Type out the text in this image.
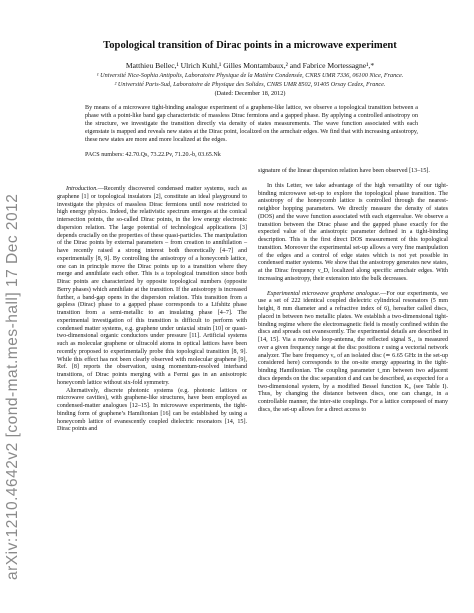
arXiv:1210.4642v2 [cond-mat.mes-hall] 17 Dec 2012
Topological transition of Dirac points in a microwave experiment
Matthieu Bellec,¹ Ulrich Kuhl,¹ Gilles Montambaux,² and Fabrice Mortessagne¹,*
¹ Université Nice-Sophia Antipolis, Laboratoire Physique de la Matière Condensée, CNRS UMR 7336, 06100 Nice, France.
² Université Paris-Sud, Laboratoire de Physique des Solides, CNRS UMR 8502, 91405 Orsay Cedex, France.
(Dated: December 18, 2012)
By means of a microwave tight-binding analogue experiment of a graphene-like lattice, we observe a topological transition between a phase with a point-like band gap characteristic of massless Dirac fermions and a gapped phase. By applying a controlled anisotropy on the structure, we investigate the transition directly via density of states measurements. The wave function associated with each eigenstate is mapped and reveals new states at the Dirac point, localized on the armchair edges. We find that with increasing anisotropy, these new states are more and more localized at the edges.
PACS numbers: 42.70.Qs, 73.22.Pv, 71.20.-b, 03.65.Nk

Introduction.—Recently discovered condensed matter systems, such as graphene [1] or topological insulators [2], constitute an ideal playground to investigate the physics of massless Dirac fermions until now restricted to high energy physics. Indeed, the relativistic spectrum emerges at the conical intersection points, the so-called Dirac points, in the low energy electronic dispersion relation. The large potential of technological applications [3] depends crucially on the properties of these quasi-particles. The manipulation of the Dirac points by external parameters – from creation to annihilation – have recently raised a strong interest both theoretically [4–7] and experimentally [8, 9]. By controlling the anisotropy of a honeycomb lattice, one can in principle move the Dirac points up to a transition where they merge and annihilate each other. This is a topological transition since both Dirac points are characterized by opposite topological numbers (opposite Berry phases) which annihilate at the transition. If the anisotropy is increased further, a band-gap opens in the dispersion relation. This transition from a gapless (Dirac) phase to a gapped phase corresponds to a Lifshitz phase transition from a semi-metallic to an insulating phase [4–7]. The experimental investigation of this transition is difficult to perform with condensed matter systems, e.g. graphene under uniaxial strain [10] or quasi-two-dimensional organic conductors under pressure [11]. Artificial systems such as molecular graphene or ultracold atoms in optical lattices have been recently proposed to experimentally probe this topological transition [8, 9]. While this effect has not been clearly observed with molecular graphene [9], Ref. [8] reports the observation, using momentum-resolved interband transitions, of Dirac points merging with a Fermi gas in an anisotropic honeycomb lattice without six-fold symmetry.

Alternatively, discrete photonic systems (e.g. photonic lattices or microwave cavities), with graphene-like structures, have been employed as condensed-matter analogues [12–15]. In microwave experiments, the tight-binding form of graphene’s Hamiltonian [16] can be established by using a honeycomb lattice of evanescently coupled dielectric resonators [14, 15]. Dirac points and

signature of the linear dispersion relation have been observed [13–15].

In this Letter, we take advantage of the high versatility of our tight-binding microwave set-up to explore the topological phase transition. The anisotropy of the honeycomb lattice is controlled through the nearest-neighbor hopping parameters. We directly measure the density of states (DOS) and the wave function associated with each eigenvalue. We observe a transition between the Dirac phase and the gapped phase exactly for the expected value of the anisotropic parameter defined in a tight-binding description. This is the first direct DOS measurement of this topological transition. Moreover the experimental set-up allows a very fine manipulation of the edges and a control of edge states which is not yet possible in condensed matter systems. We show that the anisotropy generates new states, at the Dirac frequency ν_D, localized along specific armchair edges. With increasing anisotropy, their extension into the bulk decreases.

Experimental microwave graphene analogue.—For our experiments, we use a set of 222 identical coupled dielectric cylindrical resonators (5 mm height, 8 mm diameter and a refractive index of 6), hereafter called discs, placed in between two metallic plates. We establish a two-dimensional tight-binding regime where the electromagnetic field is mostly confined within the discs and spreads out evanescently. The experimental details are described in [14, 15]. Via a movable loop-antenna, the reflected signal S₁₁ is measured over a given frequency range at the disc positions r using a vectorial network analyzer. The bare frequency ν₀ of an isolated disc (≃ 6.65 GHz in the set-up considered here) corresponds to the on-site energy appearing in the tight-binding Hamiltonian. The coupling parameter t_mn between two adjacent discs depends on the disc separation d and can be described, as expected for a two-dimensional system, by a modified Bessel function K₀ (see Table I). Thus, by changing the distance between discs, one can change, in a controllable manner, the inter-site couplings. For a lattice composed of many discs, the set-up allows for a direct access to
